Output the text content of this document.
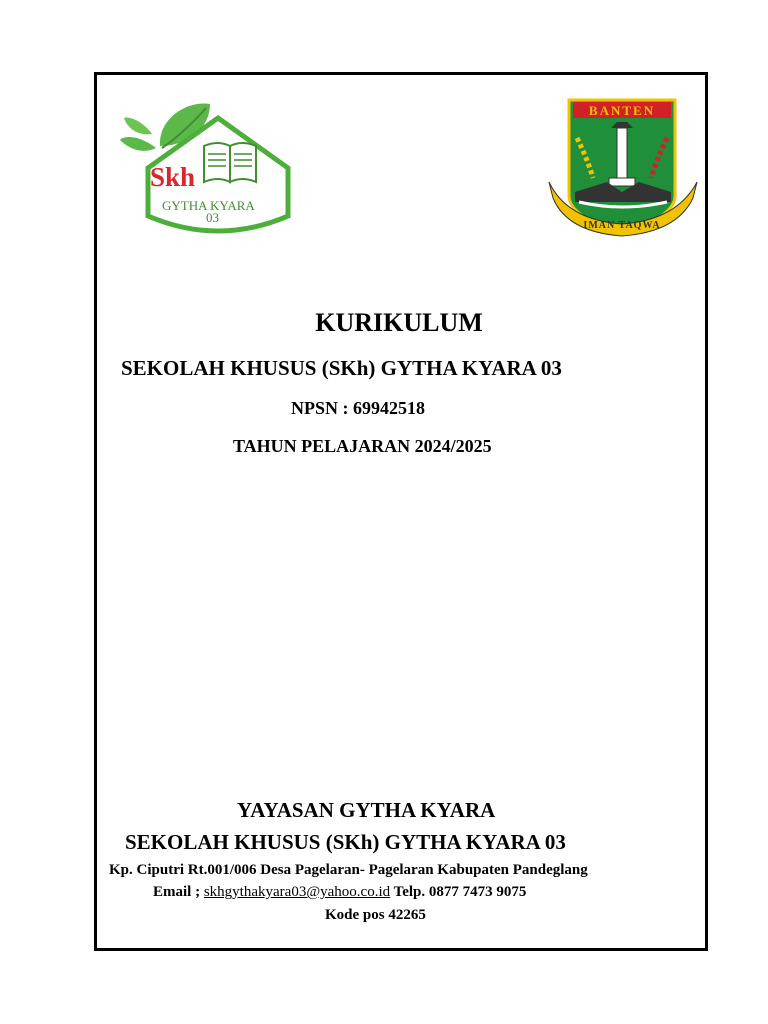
Skh
GYTHA KYARA
03
BANTEN
IMAN TAQWA
KURIKULUM
SEKOLAH KHUSUS (SKh) GYTHA KYARA 03
NPSN : 69942518
TAHUN PELAJARAN 2024/2025
YAYASAN GYTHA KYARA
SEKOLAH KHUSUS (SKh) GYTHA KYARA 03
Kp. Ciputri Rt.001/006 Desa Pagelaran- Pagelaran Kabupaten Pandeglang
Email ; skhgythakyara03@yahoo.co.id Telp. 0877 7473 9075
Kode pos 42265
